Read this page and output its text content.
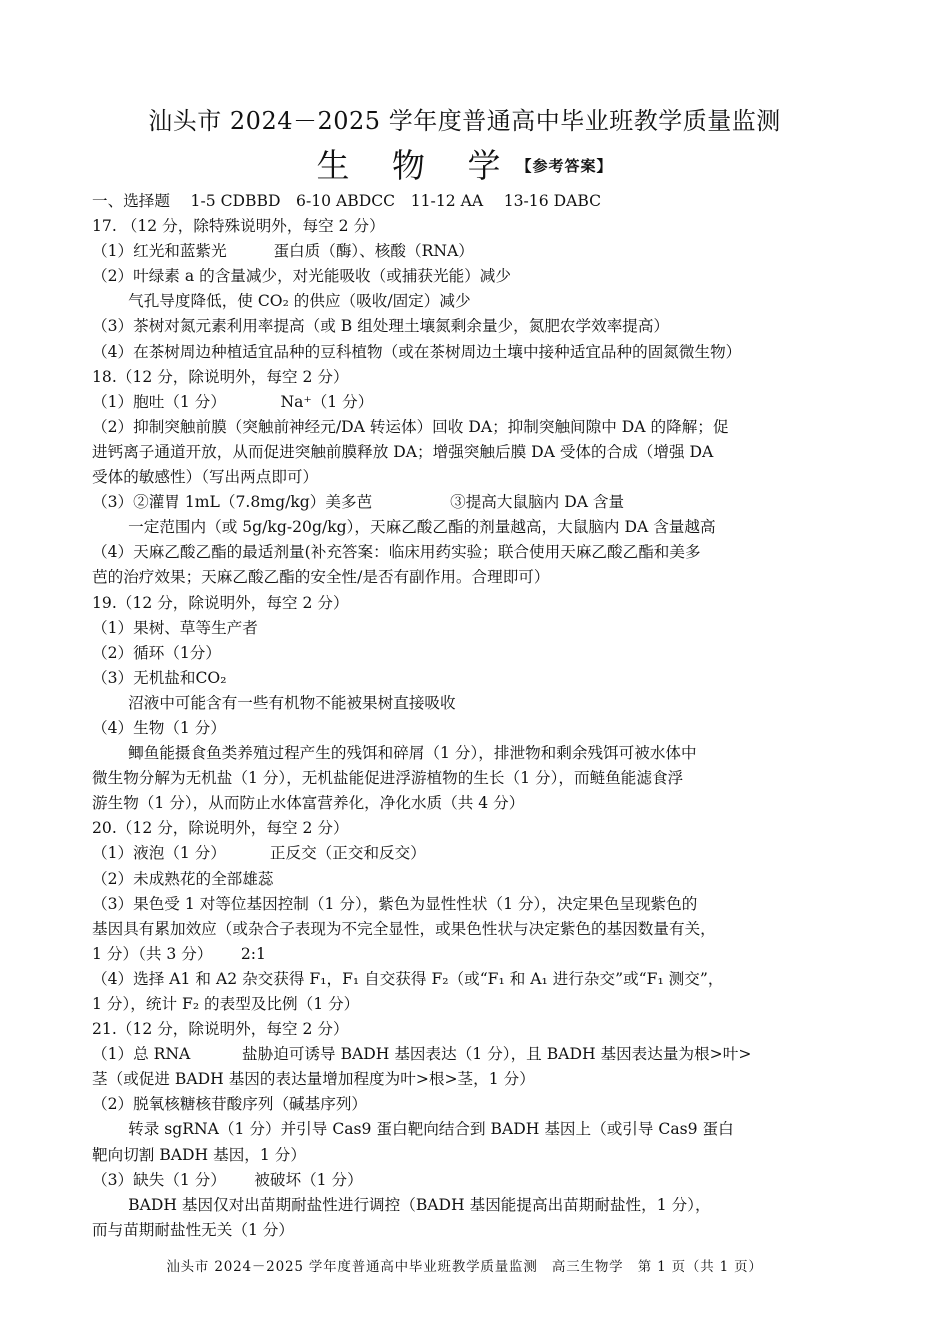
汕头市 2024－2025 学年度普通高中毕业班教学质量监测
生 物 学【参考答案】
一、选择题　 1-5 CDBBD　6-10 ABDCC　11-12 AA　 13-16 DABC
17. （12 分，除特殊说明外，每空 2 分）
（1）红光和蓝紫光　　　蛋白质（酶）、核酸（RNA）
（2）叶绿素 a 的含量减少，对光能吸收（或捕获光能）减少
　　 气孔导度降低，使 CO₂ 的供应（吸收/固定）减少
（3）茶树对氮元素利用率提高（或 B 组处理土壤氮剩余量少，氮肥农学效率提高）
（4）在茶树周边种植适宜品种的豆科植物（或在茶树周边土壤中接种适宜品种的固氮微生物）
18.（12 分，除说明外，每空 2 分）
（1）胞吐（1 分）　　　　Na⁺（1 分）
（2）抑制突触前膜（突触前神经元/DA 转运体）回收 DA；抑制突触间隙中 DA 的降解；促
进钙离子通道开放，从而促进突触前膜释放 DA；增强突触后膜 DA 受体的合成（增强 DA
受体的敏感性）（写出两点即可）
（3）②灌胃 1mL（7.8mg/kg）美多芭　　　　　③提高大鼠脑内 DA 含量
　　 一定范围内（或 5g/kg-20g/kg），天麻乙酸乙酯的剂量越高，大鼠脑内 DA 含量越高
（4）天麻乙酸乙酯的最适剂量(补充答案：临床用药实验；联合使用天麻乙酸乙酯和美多
芭的治疗效果；天麻乙酸乙酯的安全性/是否有副作用。合理即可）
19.（12 分，除说明外，每空 2 分）
（1）果树、草等生产者
（2）循环（1分）
（3）无机盐和CO₂
　　 沼液中可能含有一些有机物不能被果树直接吸收
（4）生物（1 分）
　　 鲫鱼能摄食鱼类养殖过程产生的残饵和碎屑（1 分），排泄物和剩余残饵可被水体中
微生物分解为无机盐（1 分），无机盐能促进浮游植物的生长（1 分），而鲢鱼能滤食浮
游生物（1 分），从而防止水体富营养化，净化水质（共 4 分）
20.（12 分，除说明外，每空 2 分）
（1）液泡（1 分）　　　 正反交（正交和反交）
（2）未成熟花的全部雄蕊
（3）果色受 1 对等位基因控制（1 分），紫色为显性性状（1 分），决定果色呈现紫色的
基因具有累加效应（或杂合子表现为不完全显性，或果色性状与决定紫色的基因数量有关，
1 分）（共 3 分）　　 2:1
（4）选择 A1 和 A2 杂交获得 F₁，F₁ 自交获得 F₂（或“F₁ 和 A₁ 进行杂交”或“F₁ 测交”，
1 分），统计 F₂ 的表型及比例（1 分）
21.（12 分，除说明外，每空 2 分）
（1）总 RNA　　　 盐胁迫可诱导 BADH 基因表达（1 分），且 BADH 基因表达量为根>叶>
茎（或促进 BADH 基因的表达量增加程度为叶>根>茎，1 分）
（2）脱氧核糖核苷酸序列（碱基序列）
　　 转录 sgRNA（1 分）并引导 Cas9 蛋白靶向结合到 BADH 基因上（或引导 Cas9 蛋白
靶向切割 BADH 基因，1 分）
（3）缺失（1 分）　　 被破坏（1 分）
　　 BADH 基因仅对出苗期耐盐性进行调控（BADH 基因能提高出苗期耐盐性，1 分），
而与苗期耐盐性无关（1 分）
汕头市 2024－2025 学年度普通高中毕业班教学质量监测　高三生物学　第 1 页（共 1 页）
